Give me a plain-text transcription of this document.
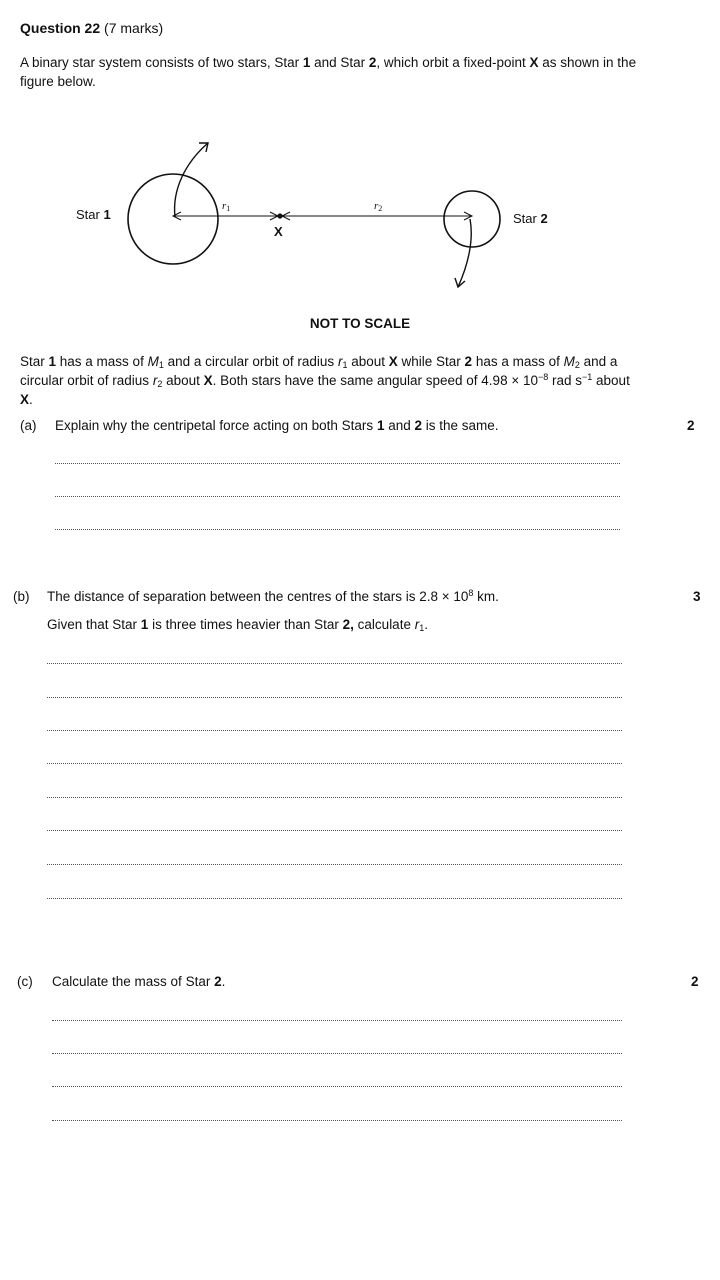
Question 22 (7 marks)
A binary star system consists of two stars, Star 1 and Star 2, which orbit a fixed-point X as shown in the figure below.
Star 1	Star 2
X
r1	r2
NOT TO SCALE
Star 1 has a mass of $M_1$ and a circular orbit of radius $r_1$ about X while Star 2 has a mass of $M_2$ and a circular orbit of radius $r_2$ about X. Both stars have the same angular speed of $4.98 \times 10^{-8}$ rad $s^{-1}$ about X.
(a)	Explain why the centripetal force acting on both Stars 1 and 2 is the same.	2
(b)	The distance of separation between the centres of the stars is $2.8 \times 10^8$ km.	3
Given that Star 1 is three times heavier than Star 2, calculate $r_1$.
(c)	Calculate the mass of Star 2.	2
